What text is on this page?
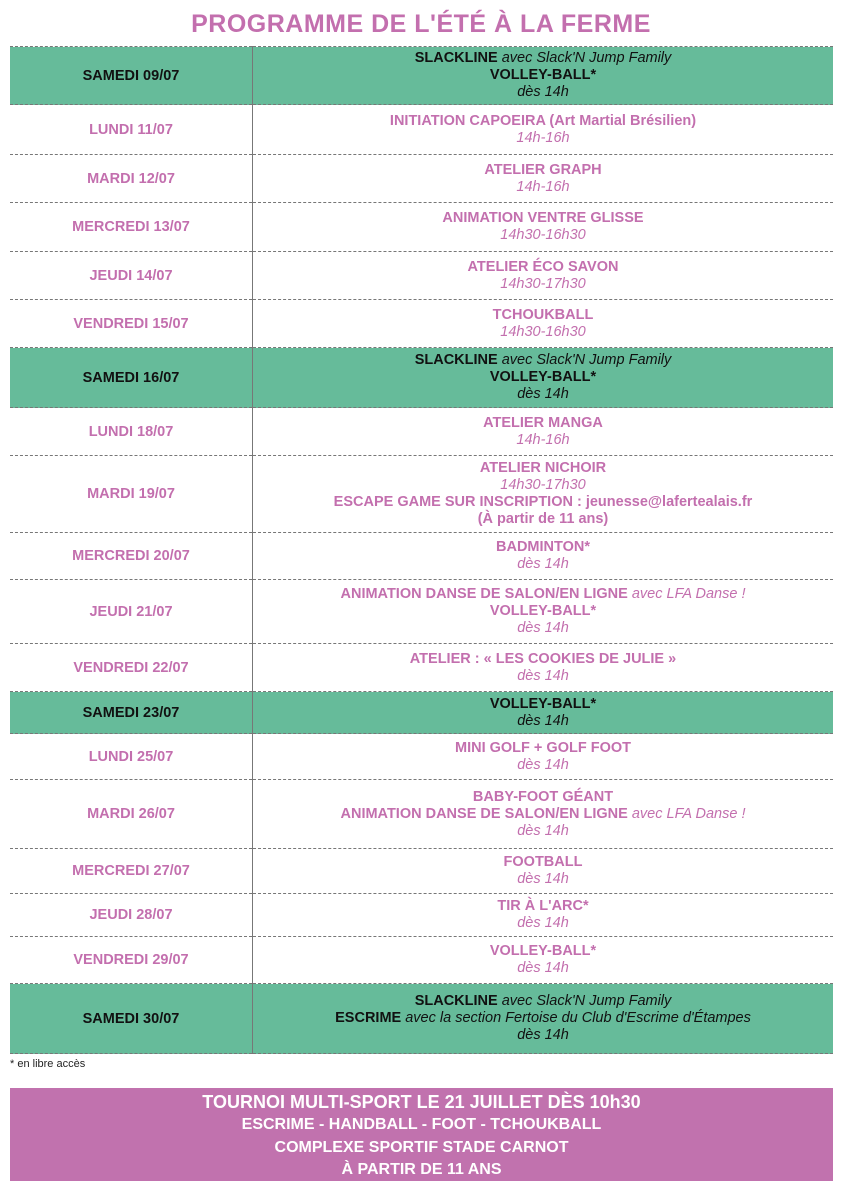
PROGRAMME DE L'ÉTÉ À LA FERME
SAMEDI 09/07	SLACKLINE avec Slack'N Jump Family
VOLLEY-BALL*
dès 14h

LUNDI 11/07	INITIATION CAPOEIRA (Art Martial Brésilien)
14h-16h

MARDI 12/07	ATELIER GRAPH
14h-16h

MERCREDI 13/07	ANIMATION VENTRE GLISSE
14h30-16h30

JEUDI 14/07	ATELIER ÉCO SAVON
14h30-17h30

VENDREDI 15/07	TCHOUKBALL
14h30-16h30

SAMEDI 16/07	SLACKLINE avec Slack'N Jump Family
VOLLEY-BALL*
dès 14h

LUNDI 18/07	ATELIER MANGA
14h-16h

MARDI 19/07	ATELIER NICHOIR
14h30-17h30
ESCAPE GAME SUR INSCRIPTION : jeunesse@lafertealais.fr
(À partir de 11 ans)

MERCREDI 20/07	BADMINTON*
dès 14h

JEUDI 21/07	ANIMATION DANSE DE SALON/EN LIGNE avec LFA Danse !
VOLLEY-BALL*
dès 14h

VENDREDI 22/07	ATELIER : « LES COOKIES DE JULIE »
dès 14h

SAMEDI 23/07	VOLLEY-BALL*
dès 14h

LUNDI 25/07	MINI GOLF + GOLF FOOT
dès 14h

MARDI 26/07	BABY-FOOT GÉANT
ANIMATION DANSE DE SALON/EN LIGNE avec LFA Danse !
dès 14h

MERCREDI 27/07	FOOTBALL
dès 14h

JEUDI 28/07	TIR À L'ARC*
dès 14h

VENDREDI 29/07	VOLLEY-BALL*
dès 14h

SAMEDI 30/07	SLACKLINE avec Slack'N Jump Family
ESCRIME avec la section Fertoise du Club d'Escrime d'Étampes
dès 14h
* en libre accès
TOURNOI MULTI-SPORT LE 21 JUILLET DÈS 10h30
ESCRIME - HANDBALL - FOOT - TCHOUKBALL
COMPLEXE SPORTIF STADE CARNOT
À PARTIR DE 11 ANS
